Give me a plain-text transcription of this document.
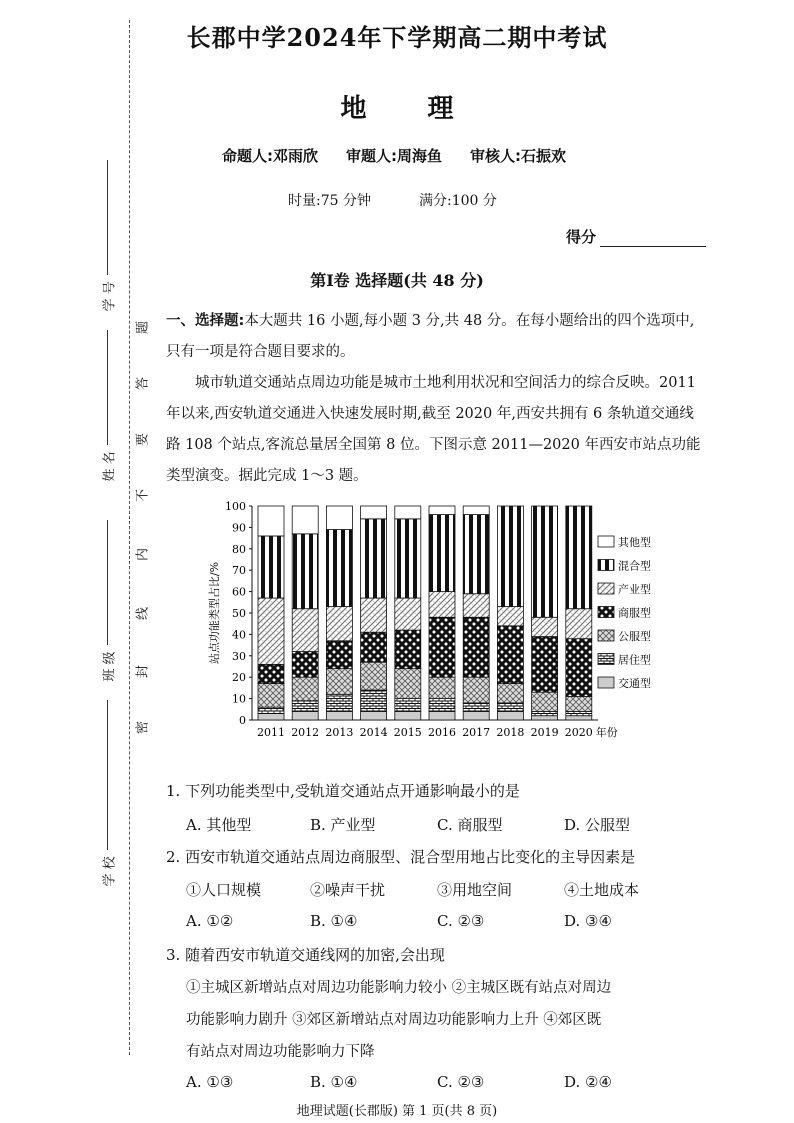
学 号
姓 名
班 级
学 校
题
答
要
不
内
线
封
密
长郡中学2024年下学期高二期中考试
地 理
命题人:邓雨欣 审题人:周海鱼 审核人:石振欢
时量:75 分钟	满分:100 分
得分
第Ⅰ卷 选择题(共 48 分)
一、选择题:本大题共 16 小题,每小题 3 分,共 48 分。在每小题给出的四个选项中,只有一项是符合题目要求的。
城市轨道交通站点周边功能是城市土地利用状况和空间活力的综合反映。2011 年以来,西安轨道交通进入快速发展时期,截至 2020 年,西安共拥有 6 条轨道交通线路 108 个站点,客流总量居全国第 8 位。下图示意 2011—2020 年西安市站点功能类型演变。据此完成 1～3 题。
0
10
20
30
40
50
60
70
80
90
100
站点功能类型占比/%
2011 2012 2013 2014 2015 2016 2017 2018 2019 2020 年份
其他型
混合型
产业型
商服型
公服型
居住型
交通型
1. 下列功能类型中,受轨道交通站点开通影响最小的是
A. 其他型	B. 产业型	C. 商服型	D. 公服型
2. 西安市轨道交通站点周边商服型、混合型用地占比变化的主导因素是
①人口规模	②噪声干扰	③用地空间	④土地成本
A. ①②	B. ①④	C. ②③	D. ③④
3. 随着西安市轨道交通线网的加密,会出现
①主城区新增站点对周边功能影响力较小 ②主城区既有站点对周边
功能影响力剧升 ③郊区新增站点对周边功能影响力上升 ④郊区既
有站点对周边功能影响力下降
A. ①③	B. ①④	C. ②③	D. ②④
地理试题(长郡版) 第 1 页(共 8 页)
